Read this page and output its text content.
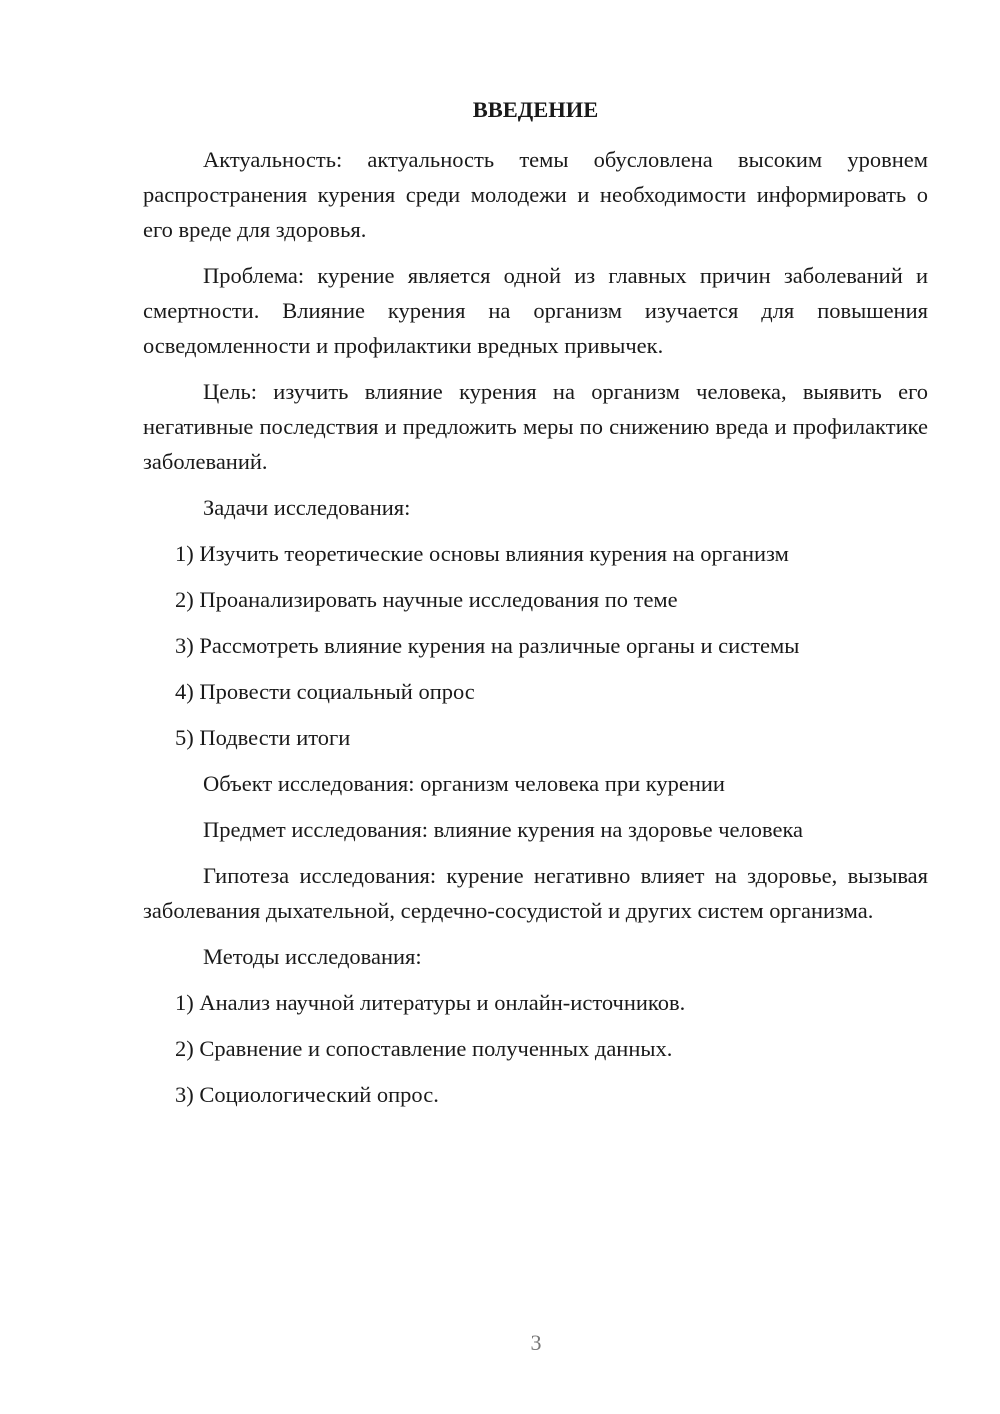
ВВЕДЕНИЕ

Актуальность: актуальность темы обусловлена высоким уровнем распространения курения среди молодежи и необходимости информировать о его вреде для здоровья.

Проблема: курение является одной из главных причин заболеваний и смертности. Влияние курения на организм изучается для повышения осведомленности и профилактики вредных привычек.

Цель: изучить влияние курения на организм человека, выявить его негативные последствия и предложить меры по снижению вреда и профилактике заболеваний.

Задачи исследования:
1) Изучить теоретические основы влияния курения на организм
2) Проанализировать научные исследования по теме
3) Рассмотреть влияние курения на различные органы и системы
4) Провести социальный опрос
5) Подвести итоги
Объект исследования: организм человека при курении
Предмет исследования: влияние курения на здоровье человека

Гипотеза исследования: курение негативно влияет на здоровье, вызывая заболевания дыхательной, сердечно-сосудистой и других систем организма.

Методы исследования:
1) Анализ научной литературы и онлайн-источников.
2) Сравнение и сопоставление полученных данных.
3) Социологический опрос.
3
